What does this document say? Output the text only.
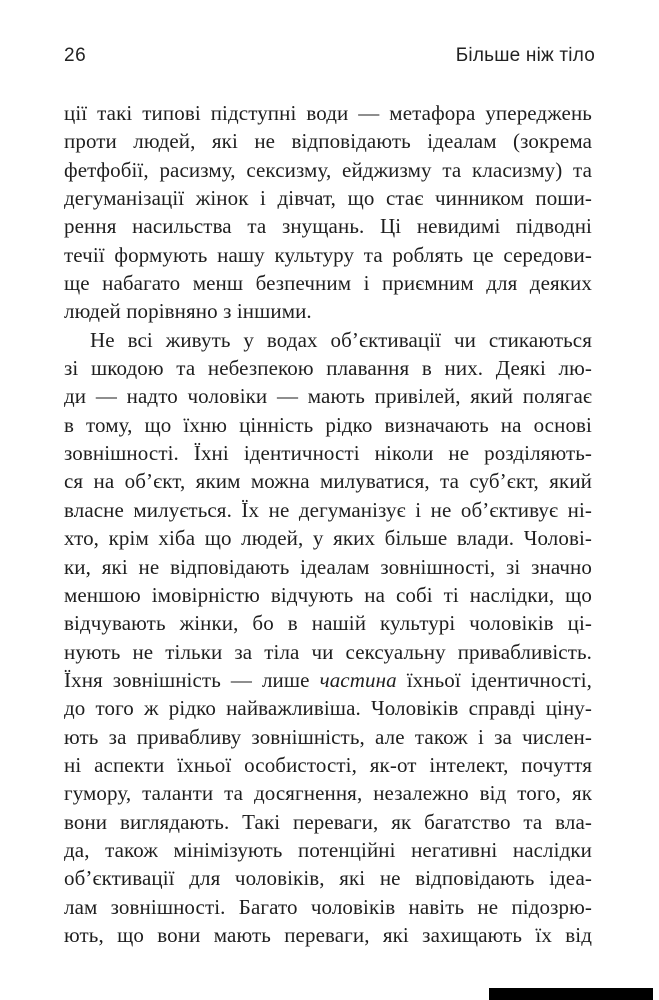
26	Більше ніж тіло
ції такі типові підступні води — метафора упереджень
проти людей, які не відповідають ідеалам (зокрема
фетфобії, расизму, сексизму, ейджизму та класизму) та
дегуманізації жінок і дівчат, що стає чинником поши-
рення насильства та знущань. Ці невидимі підводні
течії формують нашу культуру та роблять це середови-
ще набагато менш безпечним і приємним для деяких
людей порівняно з іншими.
Не всі живуть у водах об’єктивації чи стикаються
зі шкодою та небезпекою плавання в них. Деякі лю-
ди — надто чоловіки — мають привілей, який полягає
в тому, що їхню цінність рідко визначають на основі
зовнішності. Їхні ідентичності ніколи не розділяють-
ся на об’єкт, яким можна милуватися, та суб’єкт, який
власне милується. Їх не дегуманізує і не об’єктивує ні-
хто, крім хіба що людей, у яких більше влади. Чолові-
ки, які не відповідають ідеалам зовнішності, зі значно
меншою імовірністю відчують на собі ті наслідки, що
відчувають жінки, бо в нашій культурі чоловіків ці-
нують не тільки за тіла чи сексуальну привабливість.
Їхня зовнішність — лише частина їхньої ідентичності,
до того ж рідко найважливіша. Чоловіків справді ціну-
ють за привабливу зовнішність, але також і за числен-
ні аспекти їхньої особистості, як-от інтелект, почуття
гумору, таланти та досягнення, незалежно від того, як
вони виглядають. Такі переваги, як багатство та вла-
да, також мінімізують потенційні негативні наслідки
об’єктивації для чоловіків, які не відповідають ідеа-
лам зовнішності. Багато чоловіків навіть не підозрю-
ють, що вони мають переваги, які захищають їх від
